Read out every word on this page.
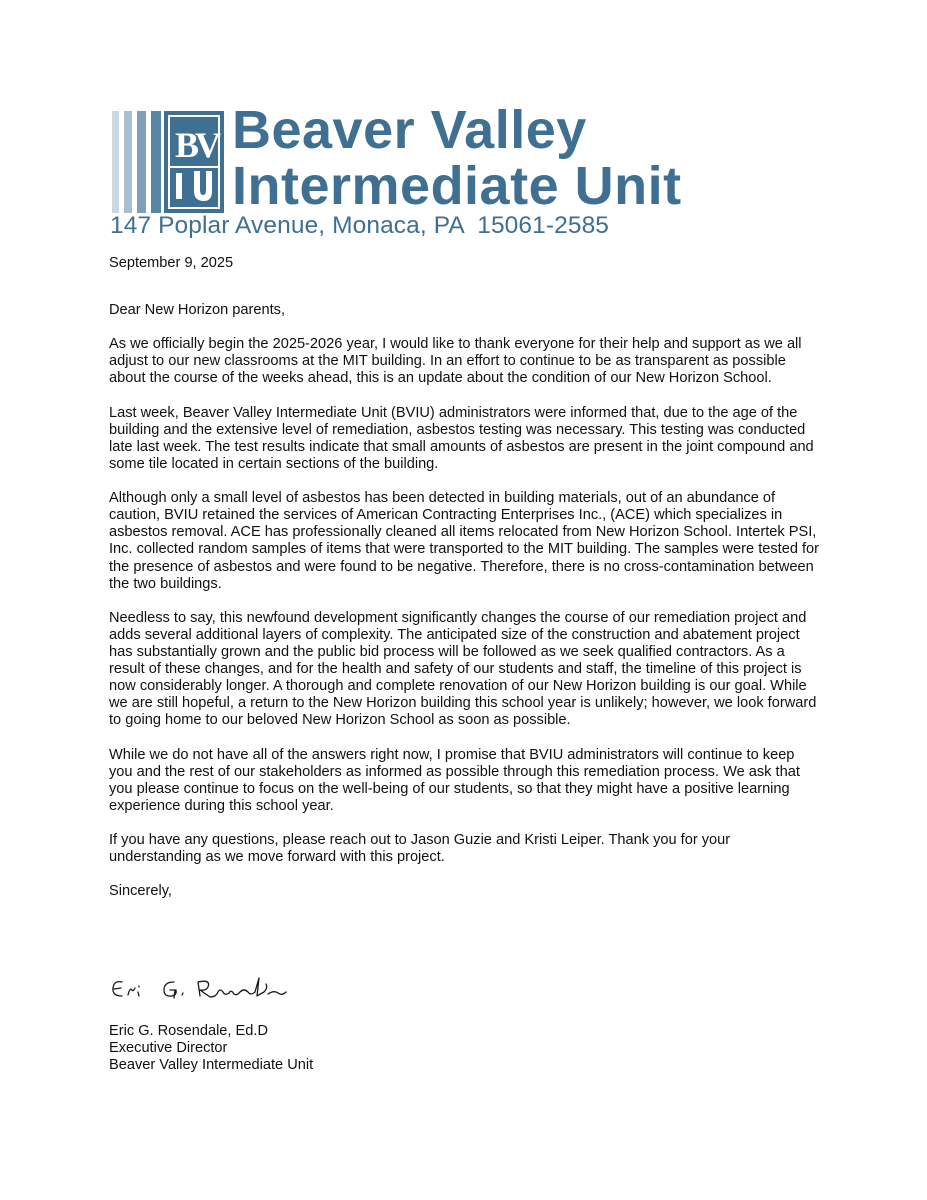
B
V Beaver Valley
Intermediate Unit
147 Poplar Avenue, Monaca, PA  15061-2585

September 9, 2025

Dear New Horizon parents,

As we officially begin the 2025-2026 year, I would like to thank everyone for their help and support as we all adjust to our new classrooms at the MIT building. In an effort to continue to be as transparent as possible about the course of the weeks ahead, this is an update about the condition of our New Horizon School.

Last week, Beaver Valley Intermediate Unit (BVIU) administrators were informed that, due to the age of the building and the extensive level of remediation, asbestos testing was necessary. This testing was conducted late last week. The test results indicate that small amounts of asbestos are present in the joint compound and some tile located in certain sections of the building.

Although only a small level of asbestos has been detected in building materials, out of an abundance of caution, BVIU retained the services of American Contracting Enterprises Inc., (ACE) which specializes in asbestos removal. ACE has professionally cleaned all items relocated from New Horizon School. Intertek PSI, Inc. collected random samples of items that were transported to the MIT building. The samples were tested for the presence of asbestos and were found to be negative. Therefore, there is no cross-contamination between the two buildings.

Needless to say, this newfound development significantly changes the course of our remediation project and adds several additional layers of complexity. The anticipated size of the construction and abatement project has substantially grown and the public bid process will be followed as we seek qualified contractors. As a result of these changes, and for the health and safety of our students and staff, the timeline of this project is now considerably longer. A thorough and complete renovation of our New Horizon building is our goal. While we are still hopeful, a return to the New Horizon building this school year is unlikely; however, we look forward to going home to our beloved New Horizon School as soon as possible.

While we do not have all of the answers right now, I promise that BVIU administrators will continue to keep you and the rest of our stakeholders as informed as possible through this remediation process. We ask that you please continue to focus on the well-being of our students, so that they might have a positive learning experience during this school year.

If you have any questions, please reach out to Jason Guzie and Kristi Leiper. Thank you for your understanding as we move forward with this project.

Sincerely,

Eric G. Rosendale, Ed.D
Executive Director
Beaver Valley Intermediate Unit
